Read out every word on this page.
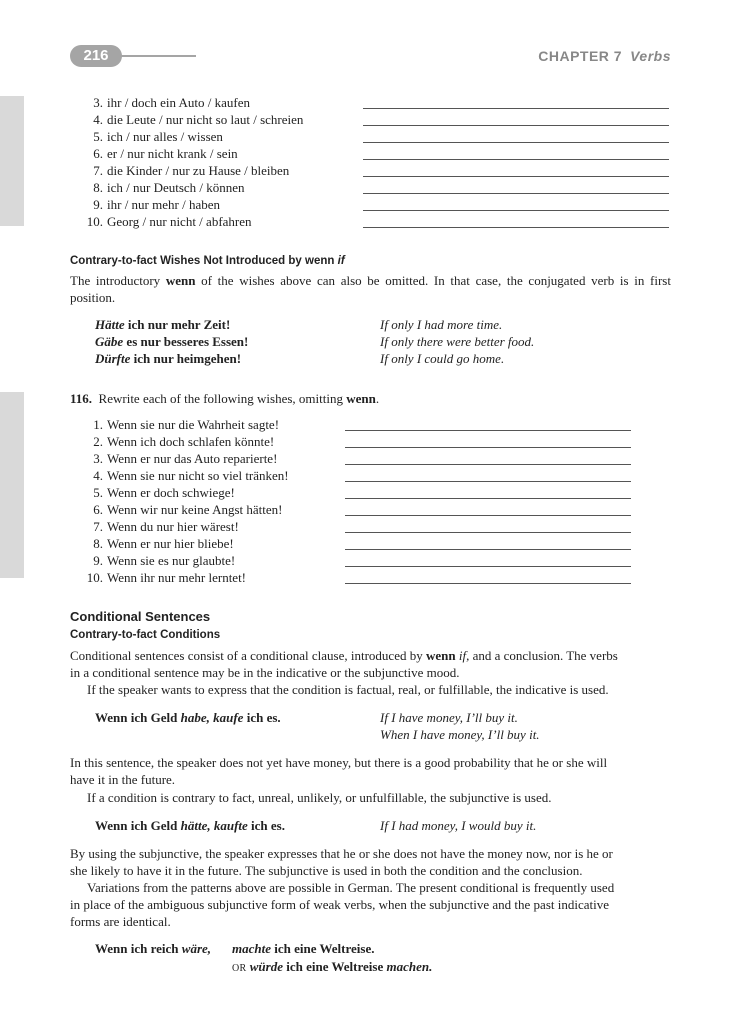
216	CHAPTER 7 Verbs
3. ihr / doch ein Auto / kaufen
4. die Leute / nur nicht so laut / schreien
5. ich / nur alles / wissen
6. er / nur nicht krank / sein
7. die Kinder / nur zu Hause / bleiben
8. ich / nur Deutsch / können
9. ihr / nur mehr / haben
10. Georg / nur nicht / abfahren
Contrary-to-fact Wishes Not Introduced by wenn if
The introductory wenn of the wishes above can also be omitted. In that case, the conjugated verb is in first position.
Hätte ich nur mehr Zeit!	If only I had more time.
Gäbe es nur besseres Essen!	If only there were better food.
Dürfte ich nur heimgehen!	If only I could go home.
116. Rewrite each of the following wishes, omitting wenn.
1. Wenn sie nur die Wahrheit sagte!
2. Wenn ich doch schlafen könnte!
3. Wenn er nur das Auto reparierte!
4. Wenn sie nur nicht so viel tränken!
5. Wenn er doch schwiege!
6. Wenn wir nur keine Angst hätten!
7. Wenn du nur hier wärest!
8. Wenn er nur hier bliebe!
9. Wenn sie es nur glaubte!
10. Wenn ihr nur mehr lerntet!
Conditional Sentences
Contrary-to-fact Conditions
Conditional sentences consist of a conditional clause, introduced by wenn if, and a conclusion. The verbs
in a conditional sentence may be in the indicative or the subjunctive mood.
If the speaker wants to express that the condition is factual, real, or fulfillable, the indicative is used.
Wenn ich Geld habe, kaufe ich es.	If I have money, I’ll buy it.
When I have money, I’ll buy it.
In this sentence, the speaker does not yet have money, but there is a good probability that he or she will
have it in the future.
If a condition is contrary to fact, unreal, unlikely, or unfulfillable, the subjunctive is used.
Wenn ich Geld hätte, kaufte ich es.	If I had money, I would buy it.
By using the subjunctive, the speaker expresses that he or she does not have the money now, nor is he or
she likely to have it in the future. The subjunctive is used in both the condition and the conclusion.
Variations from the patterns above are possible in German. The present conditional is frequently used
in place of the ambiguous subjunctive form of weak verbs, when the subjunctive and the past indicative
forms are identical.
Wenn ich reich wäre, machte ich eine Weltreise.
OR würde ich eine Weltreise machen.
